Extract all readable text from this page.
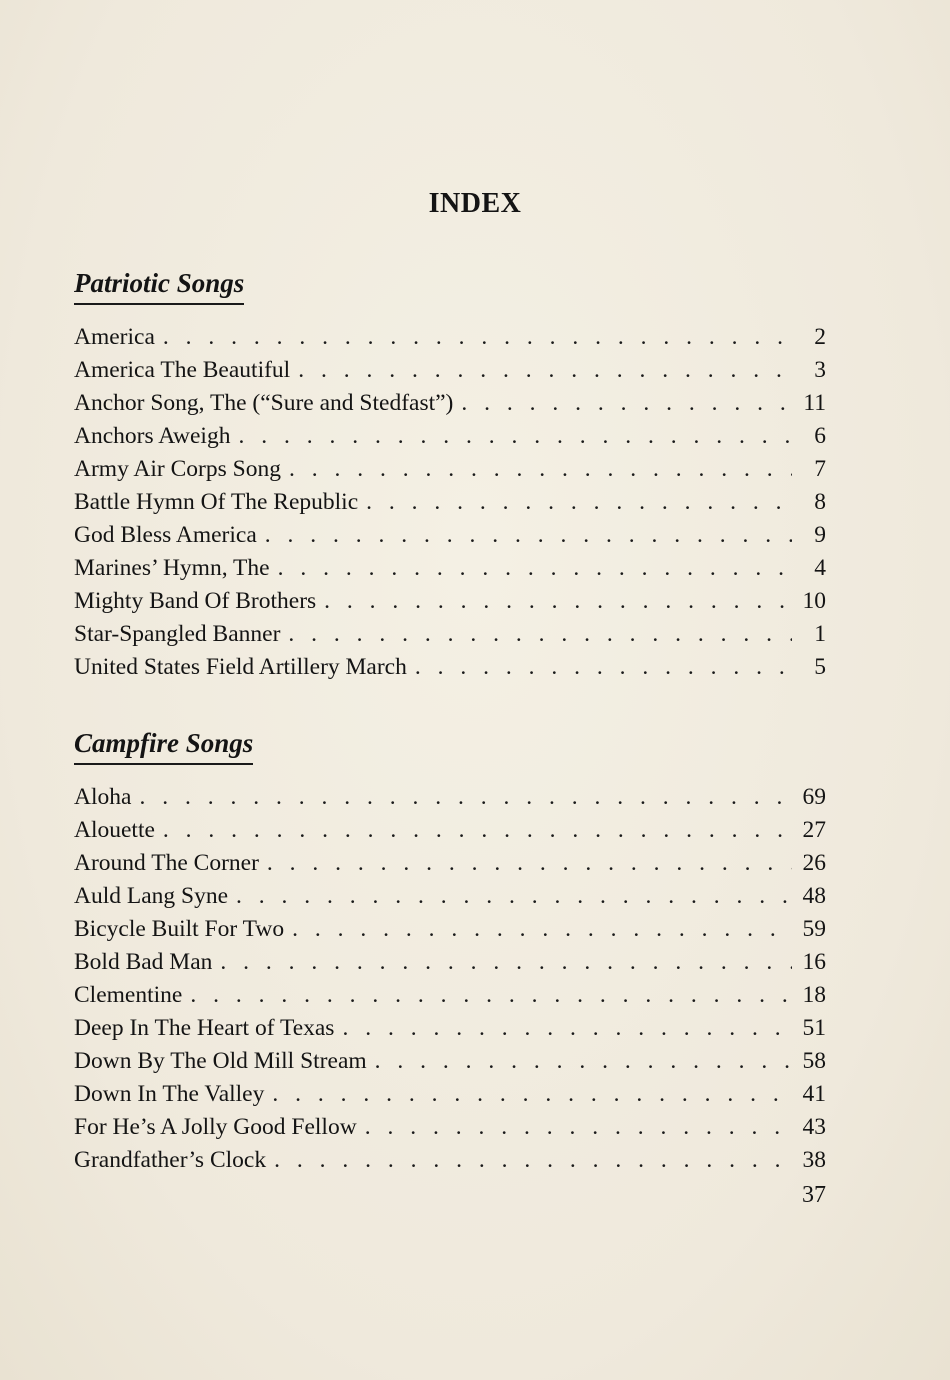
INDEX
Patriotic Songs
America . . .	2
America The Beautiful . . .	3
Anchor Song, The (“Sure and Stedfast”) . . .	11
Anchors Aweigh . . .	6
Army Air Corps Song . . .	7
Battle Hymn Of The Republic . . .	8
God Bless America . . .	9
Marines’ Hymn, The . . .	4
Mighty Band Of Brothers . . .	10
Star-Spangled Banner . . .	1
United States Field Artillery March . . .	5
Campfire Songs
Aloha . . .	69
Alouette . . .	27
Around The Corner . . .	26
Auld Lang Syne . . .	48
Bicycle Built For Two . . .	59
Bold Bad Man . . .	16
Clementine . . .	18
Deep In The Heart of Texas . . .	51
Down By The Old Mill Stream . . .	58
Down In The Valley . . .	41
For He’s A Jolly Good Fellow . . .	43
Grandfather’s Clock . . .	38
37
